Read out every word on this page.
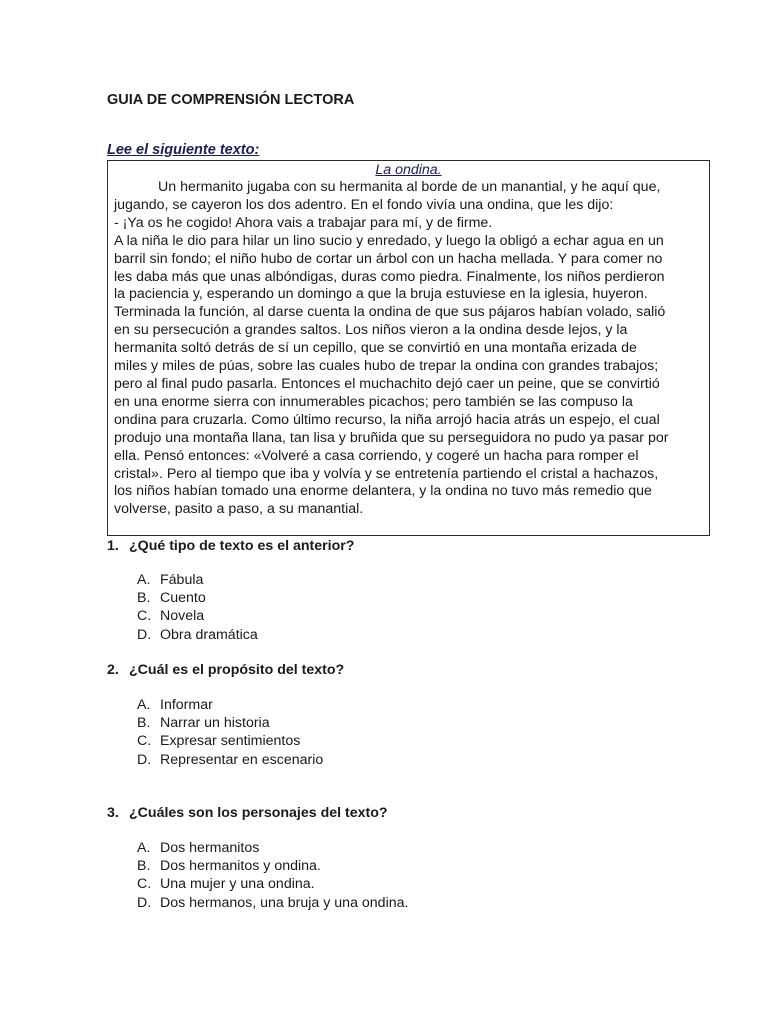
GUIA DE COMPRENSIÓN LECTORA
Lee el siguiente texto:

La ondina.

Un hermanito jugaba con su hermanita al borde de un manantial, y he aquí que,

jugando, se cayeron los dos adentro. En el fondo vivía una ondina, que les dijo:

- ¡Ya os he cogido! Ahora vais a trabajar para mí, y de firme.

A la niña le dio para hilar un lino sucio y enredado, y luego la obligó a echar agua en un

barril sin fondo; el niño hubo de cortar un árbol con un hacha mellada. Y para comer no

les daba más que unas albóndigas, duras como piedra. Finalmente, los niños perdieron

la paciencia y, esperando un domingo a que la bruja estuviese en la iglesia, huyeron.

Terminada la función, al darse cuenta la ondina de que sus pájaros habían volado, salió

en su persecución a grandes saltos. Los niños vieron a la ondina desde lejos, y la

hermanita soltó detrás de sí un cepillo, que se convirtió en una montaña erizada de

miles y miles de púas, sobre las cuales hubo de trepar la ondina con grandes trabajos;

pero al final pudo pasarla. Entonces el muchachito dejó caer un peine, que se convirtió

en una enorme sierra con innumerables picachos; pero también se las compuso la

ondina para cruzarla. Como último recurso, la niña arrojó hacia atrás un espejo, el cual

produjo una montaña llana, tan lisa y bruñida que su perseguidora no pudo ya pasar por

ella. Pensó entonces: «Volveré a casa corriendo, y cogeré un hacha para romper el

cristal». Pero al tiempo que iba y volvía y se entretenía partiendo el cristal a hachazos,

los niños habían tomado una enorme delantera, y la ondina no tuvo más remedio que

volverse, pasito a paso, a su manantial.

1. ¿Qué tipo de texto es el anterior?
A. Fábula
B. Cuento
C. Novela
D. Obra dramática
2. ¿Cuál es el propósito del texto?
A. Informar
B. Narrar un historia
C. Expresar sentimientos
D. Representar en escenario
3. ¿Cuáles son los personajes del texto?
A. Dos hermanitos
B. Dos hermanitos y ondina.
C. Una mujer y una ondina.
D. Dos hermanos, una bruja y una ondina.
